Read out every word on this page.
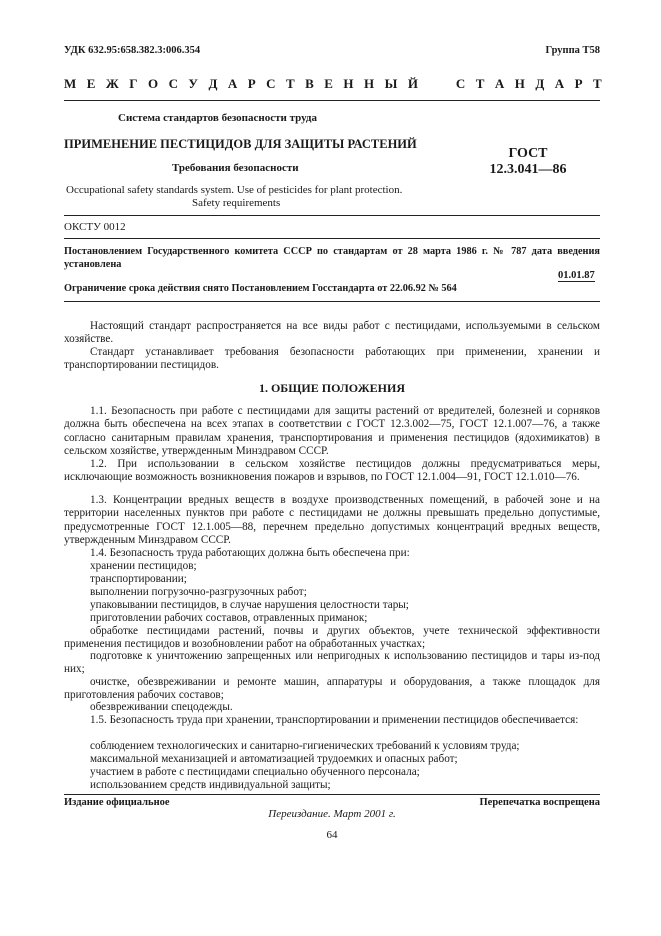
УДК 632.95:658.382.3:006.354	Группа Т58
М Е Ж Г О С У Д А Р С Т В Е Н Н Ы Й

	С Т А Н Д А Р Т
Система стандартов безопасности труда
ПРИМЕНЕНИЕ ПЕСТИЦИДОВ ДЛЯ ЗАЩИТЫ РАСТЕНИЙ
Требования безопасности
ГОСТ
12.3.041—86
Occupational safety standards system. Use of pesticides for plant protection.
Safety requirements
ОКСТУ 0012
Постановлением Государственного комитета СССР по стандартам от 28 марта 1986 г. № 787 дата введения установлена
01.01.87
Ограничение срока действия снято Постановлением Госстандарта от 22.06.92 № 564

Настоящий стандарт распространяется на все виды работ с пестицидами, используемыми в сельском хозяйстве.

Стандарт устанавливает требования безопасности работающих при применении, хранении и транспортировании пестицидов.

1. ОБЩИЕ ПОЛОЖЕНИЯ

1.1. Безопасность при работе с пестицидами для защиты растений от вредителей, болезней и сорняков должна быть обеспечена на всех этапах в соответствии с ГОСТ 12.3.002—75, ГОСТ 12.1.007—76, а также согласно санитарным правилам хранения, транспортирования и применения пестицидов (ядохимикатов) в сельском хозяйстве, утвержденным Минздравом СССР.

1.2. При использовании в сельском хозяйстве пестицидов должны предусматриваться меры, исключающие возможность возникновения пожаров и взрывов, по ГОСТ 12.1.004—91, ГОСТ 12.1.010—76.

1.3. Концентрации вредных веществ в воздухе производственных помещений, в рабочей зоне и на территории населенных пунктов при работе с пестицидами не должны превышать предельно допустимые, предусмотренные ГОСТ 12.1.005—88, перечнем предельно допустимых концентраций вредных веществ, утвержденным Минздравом СССР.

1.4. Безопасность труда работающих должна быть обеспечена при:

хранении пестицидов;

транспортировании;

выполнении погрузочно-разгрузочных работ;

упаковывании пестицидов, в случае нарушения целостности тары;

приготовлении рабочих составов, отравленных приманок;

обработке пестицидами растений, почвы и других объектов, учете технической эффективности применения пестицидов и возобновлении работ на обработанных участках;

подготовке к уничтожению запрещенных или непригодных к использованию пестицидов и тары из-под них;

очистке, обезвреживании и ремонте машин, аппаратуры и оборудования, а также площадок для приготовления рабочих составов;

обезвреживании спецодежды.

1.5. Безопасность труда при хранении, транспортировании и применении пестицидов обеспечивается:

соблюдением технологических и санитарно-гигиенических требований к условиям труда;

максимальной механизацией и автоматизацией трудоемких и опасных работ;

участием в работе с пестицидами специально обученного персонала;

использованием средств индивидуальной защиты;

Издание официальное	Перепечатка воспрещена
Переиздание. Март 2001 г.
64
